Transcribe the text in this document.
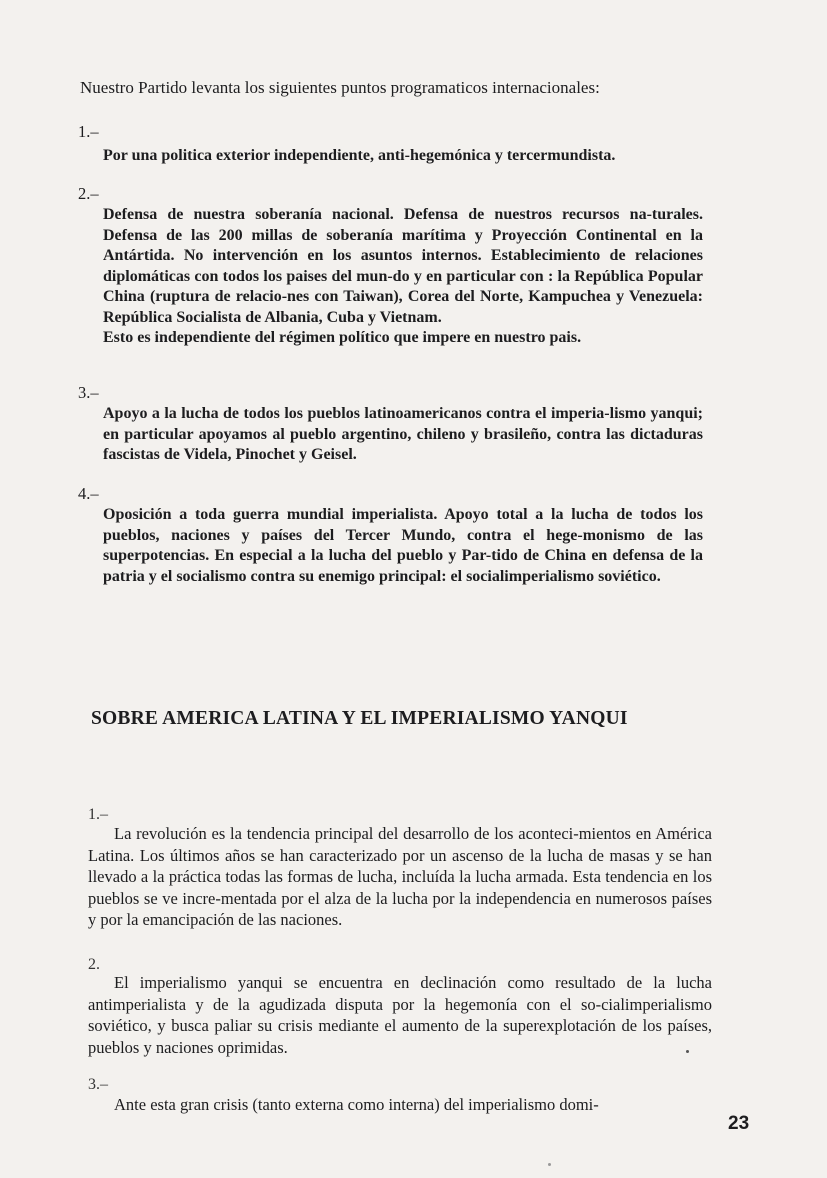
Nuestro Partido levanta los siguientes puntos programaticos internacionales:
1.–

Por una politica exterior independiente, anti-hegemónica y tercermundista.

2.–

Defensa de nuestra soberanía nacional. Defensa de nuestros recursos na-turales. Defensa de las 200 millas de soberanía marítima y Proyección Continental en la Antártida. No intervención en los asuntos internos. Establecimiento de relaciones diplomáticas con todos los paises del mun-do y en particular con : la República Popular China (ruptura de relacio-nes con Taiwan), Corea del Norte, Kampuchea y Venezuela: República Socialista de Albania, Cuba y Vietnam.

Esto es independiente del régimen político que impere en nuestro pais.

3.–

Apoyo a la lucha de todos los pueblos latinoamericanos contra el imperia-lismo yanqui; en particular apoyamos al pueblo argentino, chileno y brasileño, contra las dictaduras fascistas de Videla, Pinochet y Geisel.

4.–

Oposición a toda guerra mundial imperialista. Apoyo total a la lucha de todos los pueblos, naciones y países del Tercer Mundo, contra el hege-monismo de las superpotencias. En especial a la lucha del pueblo y Par-tido de China en defensa de la patria y el socialismo contra su enemigo principal: el socialimperialismo soviético.

SOBRE AMERICA LATINA Y EL IMPERIALISMO YANQUI
1.–

La revolución es la tendencia principal del desarrollo de los aconteci-mientos en América Latina. Los últimos años se han caracterizado por un ascenso de la lucha de masas y se han llevado a la práctica todas las formas de lucha, incluída la lucha armada. Esta tendencia en los pueblos se ve incre-mentada por el alza de la lucha por la independencia en numerosos países y por la emancipación de las naciones.

2.

El imperialismo yanqui se encuentra en declinación como resultado de la lucha antimperialista y de la agudizada disputa por la hegemonía con el so-cialimperialismo soviético, y busca paliar su crisis mediante el aumento de la superexplotación de los países, pueblos y naciones oprimidas.

3.–

Ante esta gran crisis (tanto externa como interna) del imperialismo domi-

23
